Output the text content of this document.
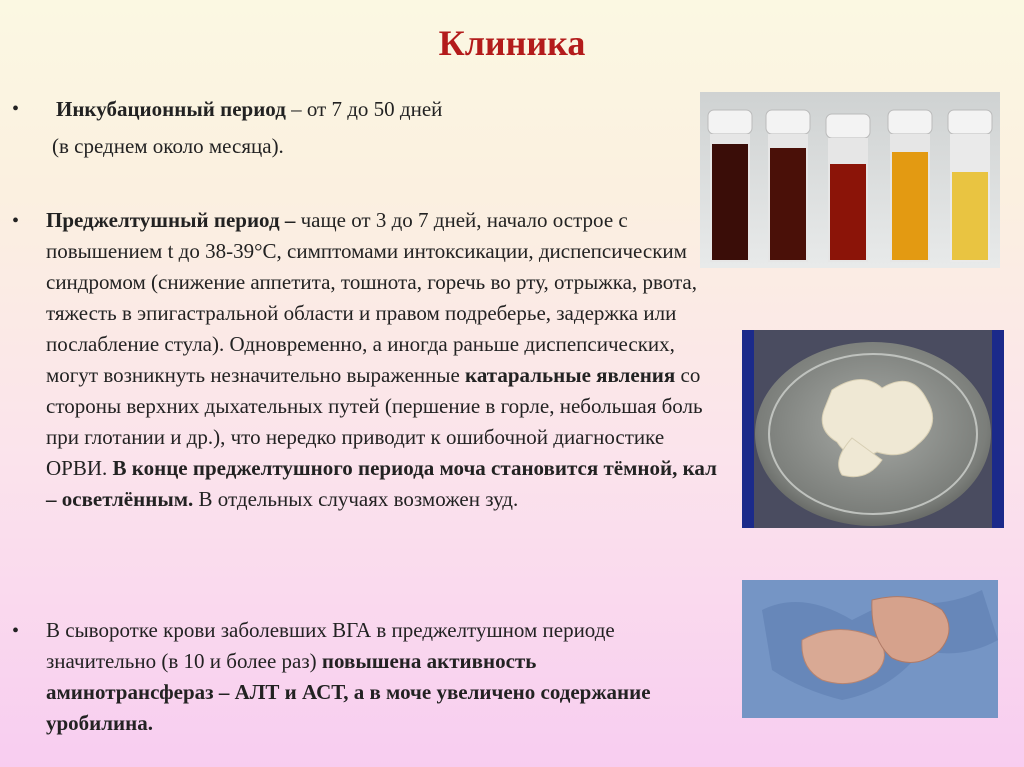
Клиника
• Инкубационный период – от 7 до 50 дней
(в среднем около месяца).
• Преджелтушный период – чаще от 3 до 7 дней, начало острое с повышением t до 38-39°С, симптомами интоксикации, диспепсическим синдромом (снижение аппетита, тошнота, горечь во рту, отрыжка, рвота, тяжесть в эпигастральной области и правом подреберье, задержка или послабление стула). Одновременно, а иногда раньше диспепсических, могут возникнуть незначительно выраженные катаральные явления со стороны верхних дыхательных путей (першение в горле, небольшая боль при глотании и др.), что нередко приводит к ошибочной диагностике ОРВИ. В конце преджелтушного периода моча становится тёмной, кал – осветлённым. В отдельных случаях возможен зуд.
• В сыворотке крови заболевших ВГА в преджелтушном периоде значительно (в 10 и более раз) повышена активность аминотрансфераз – АЛТ и АСТ, а в моче увеличено содержание уробилина.
